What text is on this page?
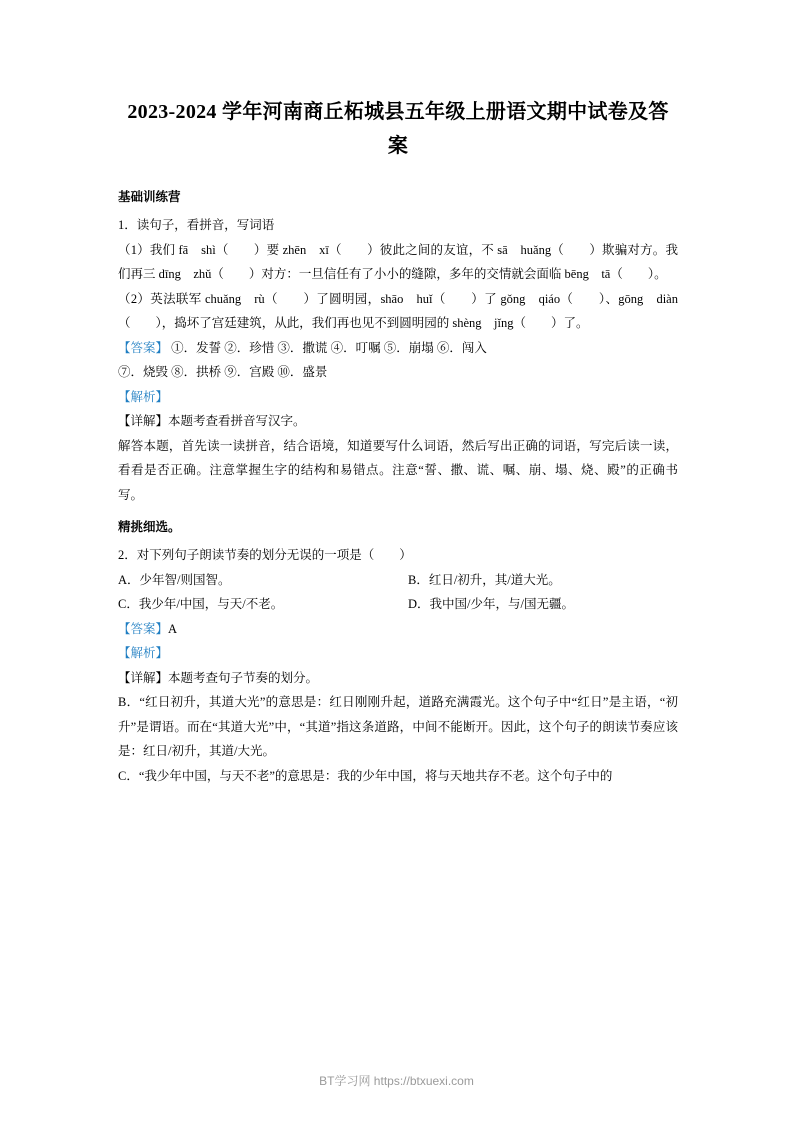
2023-2024 学年河南商丘柘城县五年级上册语文期中试卷及答案
基础训练营

1．读句子，看拼音，写词语

（1）我们 fā　shì（　　）要 zhēn　xī（　　）彼此之间的友谊，不 sā　huǎng（　　）欺骗对方。我们再三 dīng　zhǔ（　　）对方：一旦信任有了小小的缝隙，多年的交情就会面临 bēng　tā（　　）。

（2）英法联军 chuǎng　rù（　　）了圆明园，shāo　huǐ（　　）了 gǒng　qiáo（　　）、gōng　diàn（　　），捣坏了宫廷建筑，从此，我们再也见不到圆明园的 shèng　jǐng（　　）了。

【答案】 ①．发誓 ②．珍惜 ③．撒谎 ④．叮嘱 ⑤．崩塌 ⑥．闯入

⑦．烧毁 ⑧．拱桥 ⑨．宫殿 ⑩．盛景

【解析】

【详解】本题考查看拼音写汉字。

解答本题，首先读一读拼音，结合语境，知道要写什么词语，然后写出正确的词语，写完后读一读，看看是否正确。注意掌握生字的结构和易错点。注意“誓、撒、谎、嘱、崩、塌、烧、殿”的正确书写。

精挑细选。

2．对下列句子朗读节奏的划分无误的一项是（　　）

A．少年智/则国智。	B．红日/初升，其/道大光。
C．我少年/中国，与天/不老。	D．我中国/少年，与/国无疆。

【答案】A

【解析】

【详解】本题考查句子节奏的划分。

B．“红日初升，其道大光”的意思是：红日刚刚升起，道路充满霞光。这个句子中“红日”是主语，“初升”是谓语。而在“其道大光”中，“其道”指这条道路，中间不能断开。因此，这个句子的朗读节奏应该是：红日/初升，其道/大光。

C．“我少年中国，与天不老”的意思是：我的少年中国，将与天地共存不老。这个句子中的

BT学习网 https://btxuexi.com
